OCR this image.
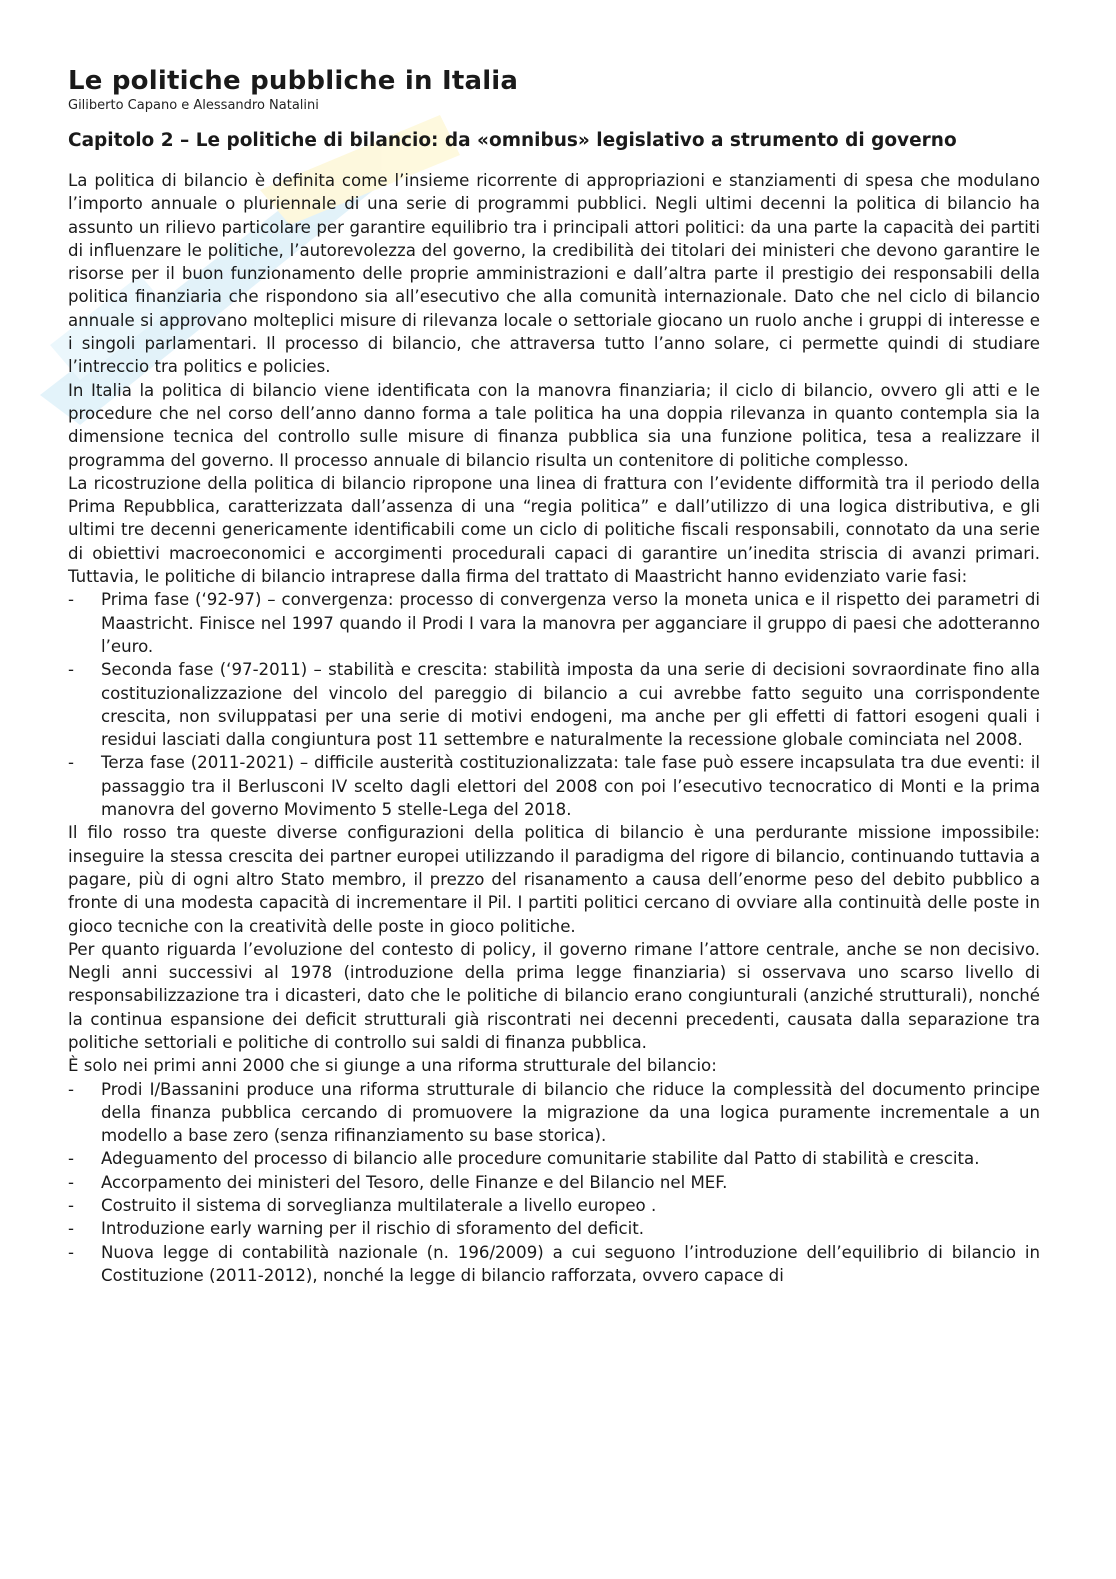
Le politiche pubbliche in Italia
Giliberto Capano e Alessandro Natalini
Capitolo 2 – Le politiche di bilancio: da «omnibus» legislativo a strumento di governo

La politica di bilancio è definita come l’insieme ricorrente di appropriazioni e stanziamenti di spesa che modulano l’importo annuale o pluriennale di una serie di programmi pubblici. Negli ultimi decenni la politica di bilancio ha assunto un rilievo particolare per garantire equilibrio tra i principali attori politici: da una parte la capacità dei partiti di influenzare le politiche, l’autorevolezza del governo, la credibilità dei titolari dei ministeri che devono garantire le risorse per il buon funzionamento delle proprie amministrazioni e dall’altra parte il prestigio dei responsabili della politica finanziaria che rispondono sia all’esecutivo che alla comunità internazionale. Dato che nel ciclo di bilancio annuale si approvano molteplici misure di rilevanza locale o settoriale giocano un ruolo anche i gruppi di interesse e i singoli parlamentari. Il processo di bilancio, che attraversa tutto l’anno solare, ci permette quindi di studiare l’intreccio tra politics e policies.

In Italia la politica di bilancio viene identificata con la manovra finanziaria; il ciclo di bilancio, ovvero gli atti e le procedure che nel corso dell’anno danno forma a tale politica ha una doppia rilevanza in quanto contempla sia la dimensione tecnica del controllo sulle misure di finanza pubblica sia una funzione politica, tesa a realizzare il programma del governo. Il processo annuale di bilancio risulta un contenitore di politiche complesso.

La ricostruzione della politica di bilancio ripropone una linea di frattura con l’evidente difformità tra il periodo della Prima Repubblica, caratterizzata dall’assenza di una “regia politica” e dall’utilizzo di una logica distributiva, e gli ultimi tre decenni genericamente identificabili come un ciclo di politiche fiscali responsabili, connotato da una serie di obiettivi macroeconomici e accorgimenti procedurali capaci di garantire un’inedita striscia di avanzi primari. Tuttavia, le politiche di bilancio intraprese dalla firma del trattato di Maastricht hanno evidenziato varie fasi:

- Prima fase (‘92-97) – convergenza: processo di convergenza verso la moneta unica e il rispetto dei parametri di Maastricht. Finisce nel 1997 quando il Prodi I vara la manovra per agganciare il gruppo di paesi che adotteranno l’euro.
- Seconda fase (‘97-2011) – stabilità e crescita: stabilità imposta da una serie di decisioni sovraordinate fino alla costituzionalizzazione del vincolo del pareggio di bilancio a cui avrebbe fatto seguito una corrispondente crescita, non sviluppatasi per una serie di motivi endogeni, ma anche per gli effetti di fattori esogeni quali i residui lasciati dalla congiuntura post 11 settembre e naturalmente la recessione globale cominciata nel 2008.
- Terza fase (2011-2021) – difficile austerità costituzionalizzata: tale fase può essere incapsulata tra due eventi: il passaggio tra il Berlusconi IV scelto dagli elettori del 2008 con poi l’esecutivo tecnocratico di Monti e la prima manovra del governo Movimento 5 stelle-Lega del 2018.

Il filo rosso tra queste diverse configurazioni della politica di bilancio è una perdurante missione impossibile: inseguire la stessa crescita dei partner europei utilizzando il paradigma del rigore di bilancio, continuando tuttavia a pagare, più di ogni altro Stato membro, il prezzo del risanamento a causa dell’enorme peso del debito pubblico a fronte di una modesta capacità di incrementare il Pil. I partiti politici cercano di ovviare alla continuità delle poste in gioco tecniche con la creatività delle poste in gioco politiche.

Per quanto riguarda l’evoluzione del contesto di policy, il governo rimane l’attore centrale, anche se non decisivo. Negli anni successivi al 1978 (introduzione della prima legge finanziaria) si osservava uno scarso livello di responsabilizzazione tra i dicasteri, dato che le politiche di bilancio erano congiunturali (anziché strutturali), nonché la continua espansione dei deficit strutturali già riscontrati nei decenni precedenti, causata dalla separazione tra politiche settoriali e politiche di controllo sui saldi di finanza pubblica.

È solo nei primi anni 2000 che si giunge a una riforma strutturale del bilancio:

- Prodi I/Bassanini produce una riforma strutturale di bilancio che riduce la complessità del documento principe della finanza pubblica cercando di promuovere la migrazione da una logica puramente incrementale a un modello a base zero (senza rifinanziamento su base storica).
- Adeguamento del processo di bilancio alle procedure comunitarie stabilite dal Patto di stabilità e crescita.
- Accorpamento dei ministeri del Tesoro, delle Finanze e del Bilancio nel MEF.
- Costruito il sistema di sorveglianza multilaterale a livello europeo .
- Introduzione early warning per il rischio di sforamento del deficit.
- Nuova legge di contabilità nazionale (n. 196/2009) a cui seguono l’introduzione dell’equilibrio di bilancio in Costituzione (2011-2012), nonché la legge di bilancio rafforzata, ovvero capace di
